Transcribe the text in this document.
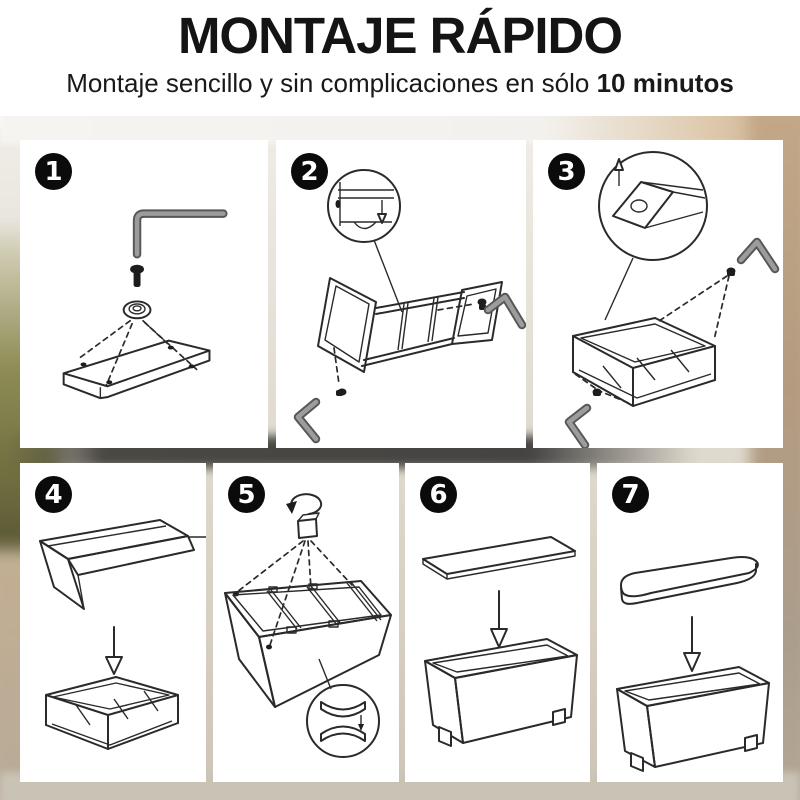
MONTAJE RÁPIDO

Montaje sencillo y sin complicaciones en sólo 10 minutos

1	2	3
4	5	6	7
